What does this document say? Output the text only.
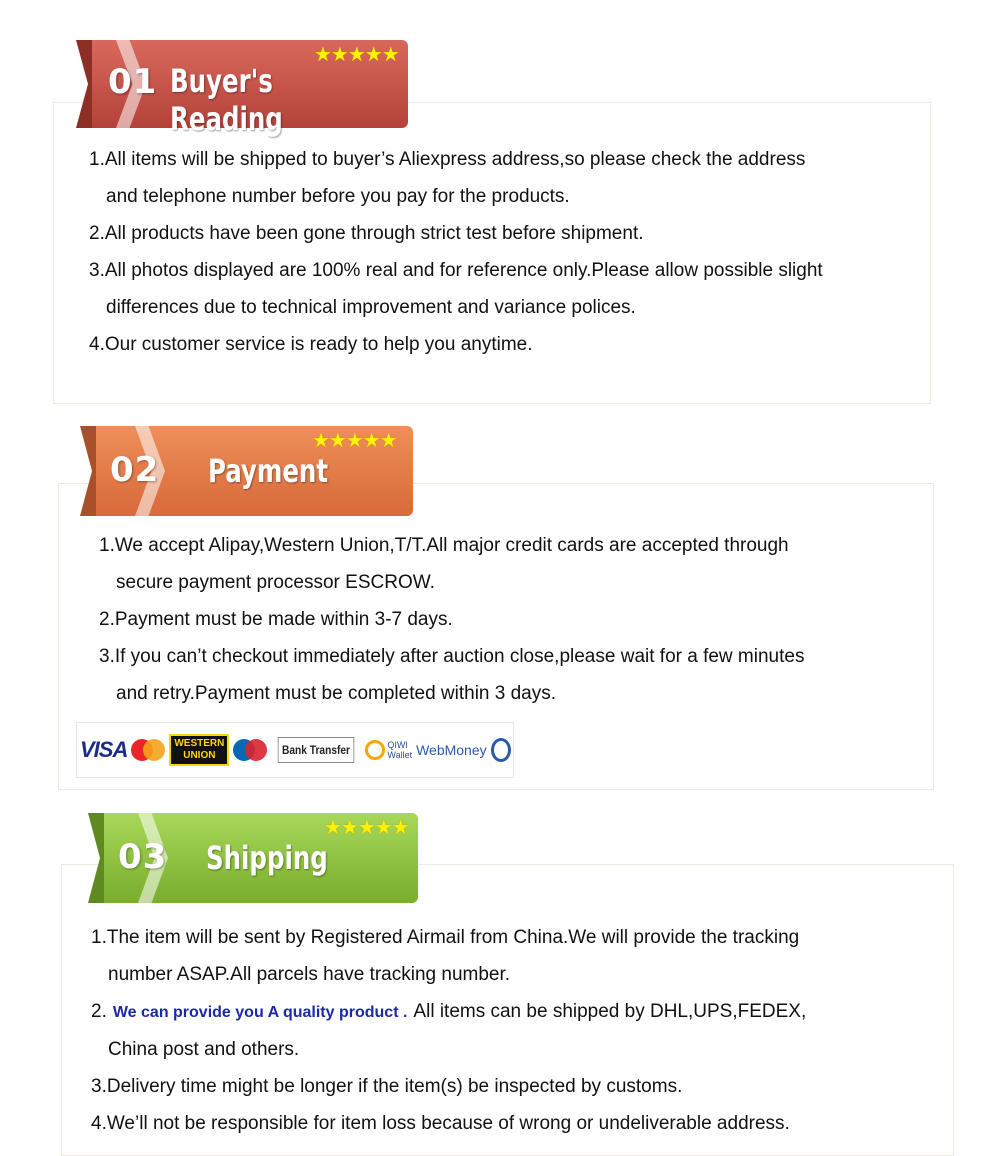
01 Buyer's Reading
★★★★★
1.All items will be shipped to buyer’s Aliexpress address,so please check the address
and telephone number before you pay for the products.
2.All products have been gone through strict test before shipment.
3.All photos displayed are 100% real and for reference only.Please allow possible slight
differences due to technical improvement and variance polices.
4.Our customer service is ready to help you anytime.
02 Payment
★★★★★
1.We accept Alipay,Western Union,T/T.All major credit cards are accepted through
secure payment processor ESCROW.
2.Payment must be made within 3-7 days.
3.If you can’t checkout immediately after auction close,please wait for a few minutes
and retry.Payment must be completed within 3 days.
VISA	WESTERN
UNION	Bank Transfer	QIWI
Wallet WebMoney
03 Shipping
★★★★★
1.The item will be sent by Registered Airmail from China.We will provide the tracking
number ASAP.All parcels have tracking number.
2. We can provide you A quality product . All items can be shipped by DHL,UPS,FEDEX,
China post and others.
3.Delivery time might be longer if the item(s) be inspected by customs.
4.We’ll not be responsible for item loss because of wrong or undeliverable address.
